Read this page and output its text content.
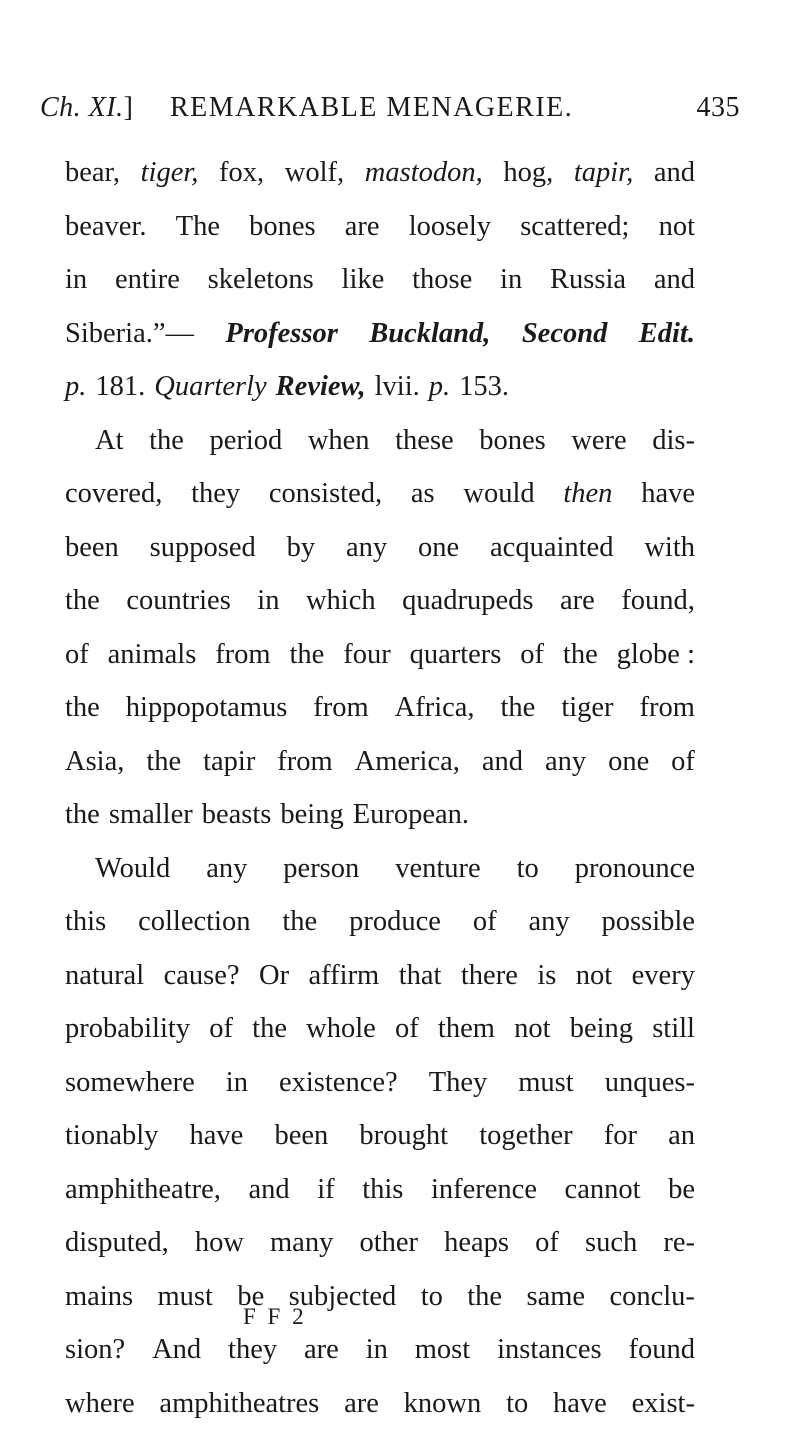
Ch. XI.] REMARKABLE MENAGERIE.	435
bear, tiger, fox, wolf, mastodon, hog, tapir, and
beaver. The bones are loosely scattered; not
in entire skeletons like those in Russia and
Siberia.”— Professor Buckland, Second Edit.
p. 181. Quarterly Review, lvii. p. 153.
At the period when these bones were dis-
covered, they consisted, as would then have
been supposed by any one acquainted with
the countries in which quadrupeds are found,
of animals from the four quarters of the globe :
the hippopotamus from Africa, the tiger from
Asia, the tapir from America, and any one of
the smaller beasts being European.
Would any person venture to pronounce
this collection the produce of any possible
natural cause? Or affirm that there is not every
probability of the whole of them not being still
somewhere in existence? They must unques-
tionably have been brought together for an
amphitheatre, and if this inference cannot be
disputed, how many other heaps of such re-
mains must be subjected to the same conclu-
sion? And they are in most instances found
where amphitheatres are known to have exist-
F F 2
